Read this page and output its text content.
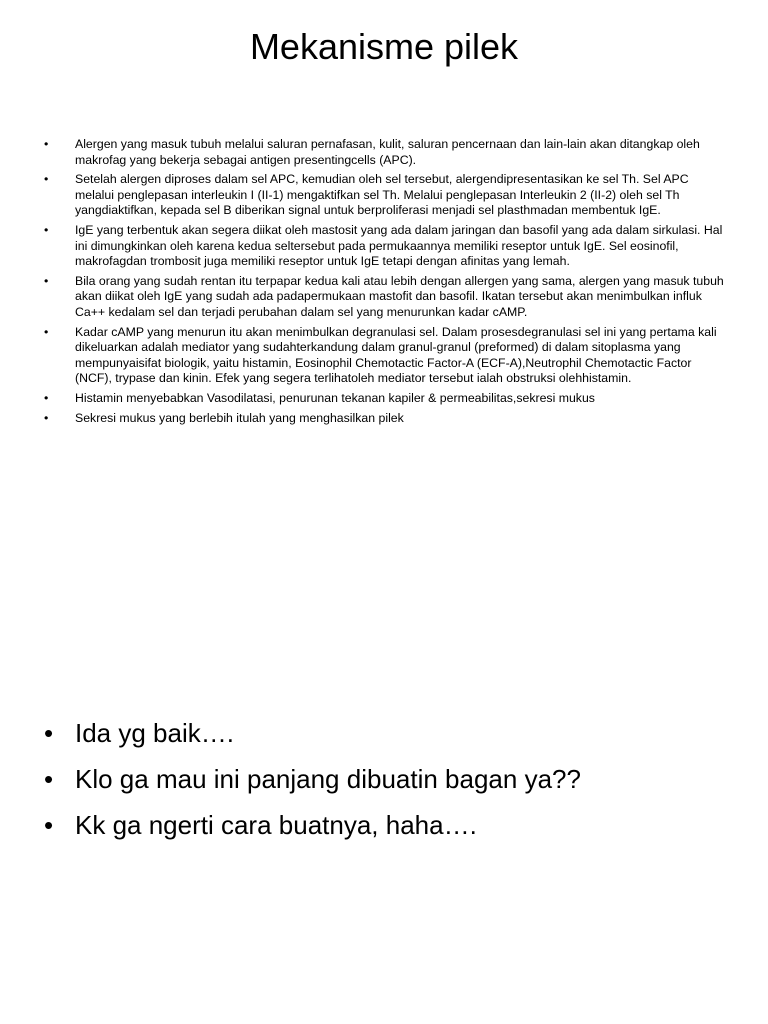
Mekanisme pilek
• Alergen yang masuk tubuh melalui saluran pernafasan, kulit, saluran pencernaan dan lain-lain akan ditangkap oleh makrofag yang bekerja sebagai antigen presentingcells (APC).
• Setelah alergen diproses dalam sel APC, kemudian oleh sel tersebut, alergendipresentasikan ke sel Th. Sel APC melalui penglepasan interleukin I (II-1) mengaktifkan sel Th. Melalui penglepasan Interleukin 2 (II-2) oleh sel Th yangdiaktifkan, kepada sel B diberikan signal untuk berproliferasi menjadi sel plasthmadan membentuk IgE.
• IgE yang terbentuk akan segera diikat oleh mastosit yang ada dalam jaringan dan basofil yang ada dalam sirkulasi. Hal ini dimungkinkan oleh karena kedua seltersebut pada permukaannya memiliki reseptor untuk IgE. Sel eosinofil, makrofagdan trombosit juga memiliki reseptor untuk IgE tetapi dengan afinitas yang lemah.
• Bila orang yang sudah rentan itu terpapar kedua kali atau lebih dengan allergen yang sama, alergen yang masuk tubuh akan diikat oleh IgE yang sudah ada padapermukaan mastofit dan basofil. Ikatan tersebut akan menimbulkan influk Ca++ kedalam sel dan terjadi perubahan dalam sel yang menurunkan kadar cAMP.
• Kadar cAMP yang menurun itu akan menimbulkan degranulasi sel. Dalam prosesdegranulasi sel ini yang pertama kali dikeluarkan adalah mediator yang sudahterkandung dalam granul-granul (preformed) di dalam sitoplasma yang mempunyaisifat biologik, yaitu histamin, Eosinophil Chemotactic Factor-A (ECF-A),Neutrophil Chemotactic Factor (NCF), trypase dan kinin. Efek yang segera terlihatoleh mediator tersebut ialah obstruksi olehhistamin.
• Histamin menyebabkan Vasodilatasi, penurunan tekanan kapiler & permeabilitas,sekresi mukus
• Sekresi mukus yang berlebih itulah yang menghasilkan pilek
• Ida yg baik….
• Klo ga mau ini panjang dibuatin bagan ya??
• Kk ga ngerti cara buatnya, haha….
